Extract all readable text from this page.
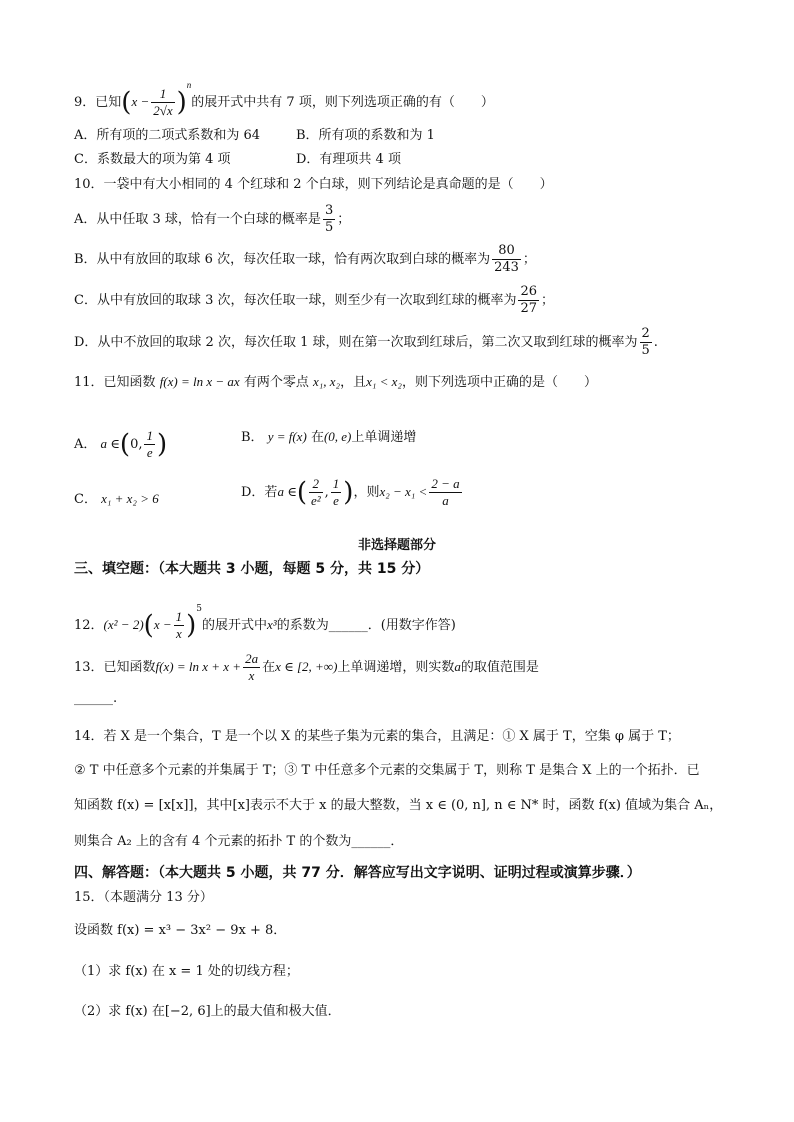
9．已知$(x - \frac{1}{2√x} )^n$的展开式中共有 7 项，则下列选项正确的有（　　）
A．所有项的二项式系数和为 64	B．所有项的系数和为 1
C．系数最大的项为第 4 项	D．有理项共 4 项
10．一袋中有大小相同的 4 个红球和 2 个白球，则下列结论是真命题的是（　　）
A．从中任取 3 球，恰有一个白球的概率是 $\frac{3}{5}$ ；
B．从中有放回的取球 6 次，每次任取一球，恰有两次取到白球的概率为 $\frac{80}{243}$ ；
C．从中有放回的取球 3 次，每次任取一球，则至少有一次取到红球的概率为 $\frac{26}{27}$ ；
D．从中不放回的取球 2 次，每次任取 1 球，则在第一次取到红球后，第二次又取到红球的概率为 $\frac{2}{5}$ .
11．已知函数 f(x) = ln x − ax 有两个零点 x₁, x₂，且x₁ < x₂，则下列选项中正确的是（　　）
A． a ∈(0, $\frac{1}{e}$ )	B． y = f(x) 在(0, e)上单调递增
C． x₁ + x₂ > 6	D．若a ∈( $\frac{2}{\text{e²}}$ , $\frac{1}{e}$ )，则$x_2 - x_1 < \frac{2 - a}{a}$
非选择题部分
三、填空题：（本大题共 3 小题，每题 5 分，共 15 分）
12．$(x^2 - 2)(x - \frac{1}{x} )^5$的展开式中x³的系数为______．(用数字作答)
13．已知函数$f(x) = \ln x + x + \frac{2a}{x}$ 在x ∈ [2, +∞)上单调递增，则实数a的取值范围是
______.
14．若 X 是一个集合，T 是一个以 X 的某些子集为元素的集合，且满足：① X 属于 T，空集 φ 属于 T；
② T 中任意多个元素的并集属于 T；③ T 中任意多个元素的交集属于 T，则称 T 是集合 X 上的一个拓扑．已
知函数 f(x) = [x[x]]，其中[x]表示不大于 x 的最大整数，当 x ∈ (0, n], n ∈ N* 时，函数 f(x) 值域为集合 Aₙ，
则集合 A₂ 上的含有 4 个元素的拓扑 T 的个数为______．
四、解答题：（本大题共 5 小题，共 77 分．解答应写出文字说明、证明过程或演算步骤．）
15．（本题满分 13 分）
设函数 f(x) = x³ − 3x² − 9x + 8．
（1）求 f(x) 在 x = 1 处的切线方程；
（2）求 f(x) 在[−2, 6]上的最大值和极大值．
